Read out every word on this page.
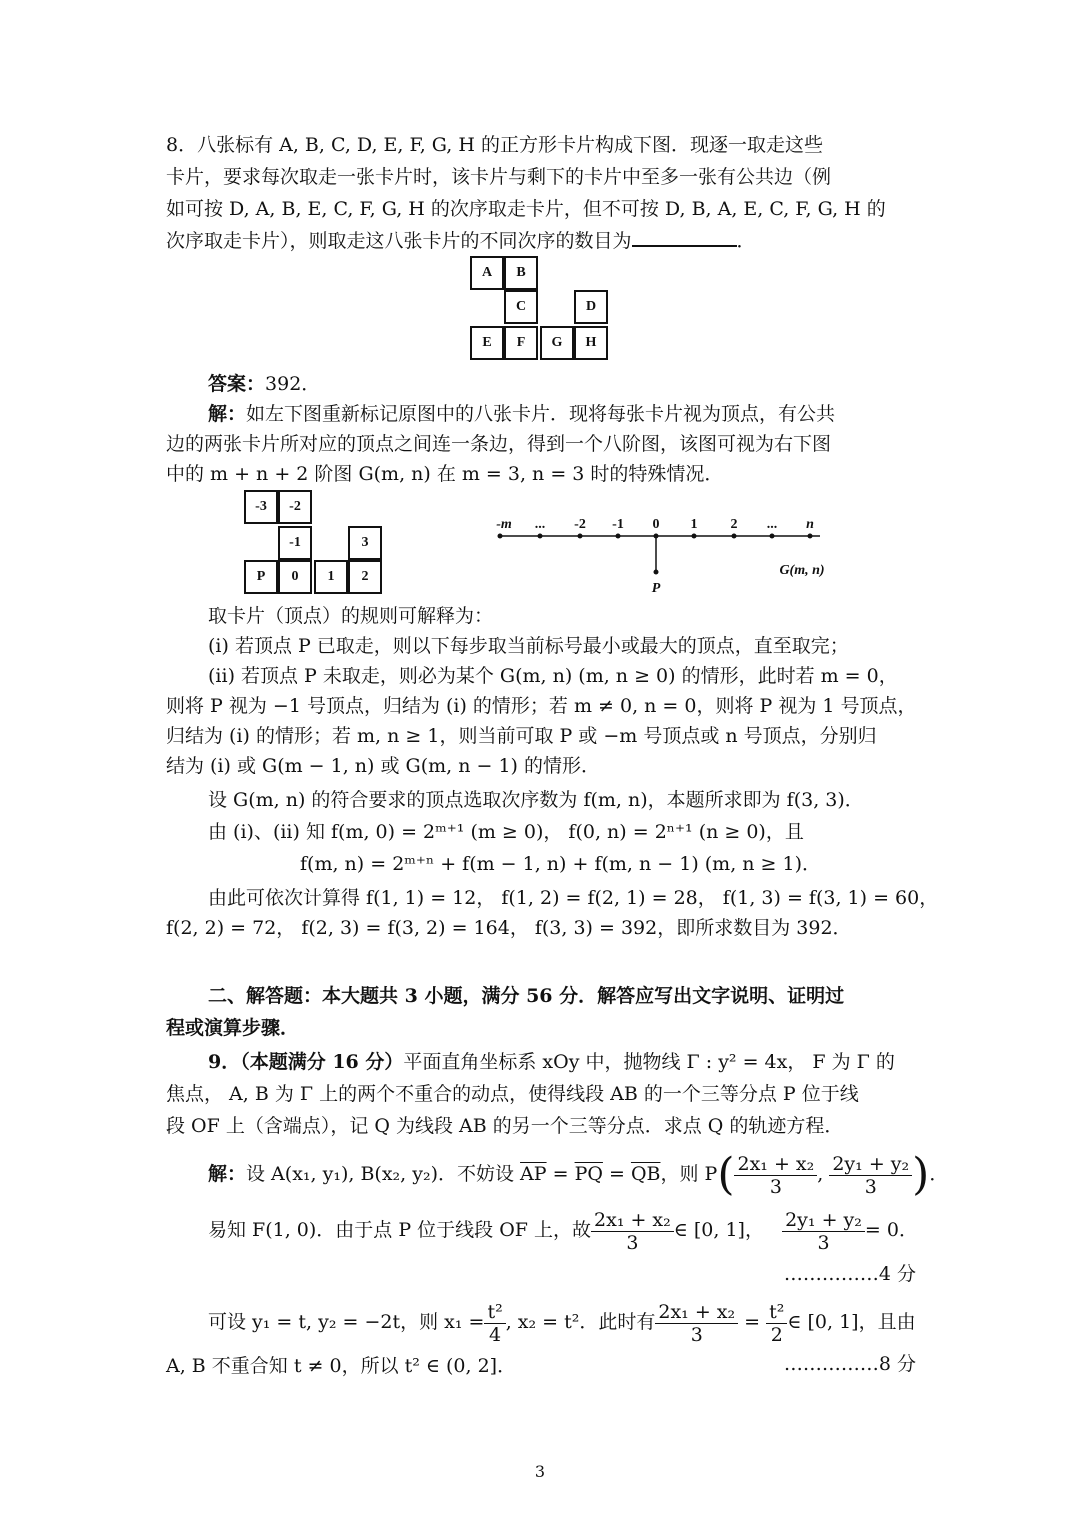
8．八张标有 A, B, C, D, E, F, G, H 的正方形卡片构成下图．现逐一取走这些
卡片，要求每次取走一张卡片时，该卡片与剩下的卡片中至多一张有公共边（例
如可按 D, A, B, E, C, F, G, H 的次序取走卡片，但不可按 D, B, A, E, C, F, G, H 的
次序取走卡片），则取走这八张卡片的不同次序的数目为	．
A	B
C	D
E	F	G	H
答案：392．
解：如左下图重新标记原图中的八张卡片．现将每张卡片视为顶点，有公共
边的两张卡片所对应的顶点之间连一条边，得到一个八阶图，该图可视为右下图
中的 m + n + 2 阶图 G(m, n) 在 m = 3, n = 3 时的特殊情况．
-3	-2
-1	3
P	0	1	2
-m ... -2 -1 0 1 2 ... n
P
G(m, n)
取卡片（顶点）的规则可解释为：
(i) 若顶点 P 已取走，则以下每步取当前标号最小或最大的顶点，直至取完；
(ii) 若顶点 P 未取走，则必为某个 G(m, n) (m, n ≥ 0) 的情形，此时若 m = 0，
则将 P 视为 −1 号顶点，归结为 (i) 的情形；若 m ≠ 0, n = 0，则将 P 视为 1 号顶点，
归结为 (i) 的情形；若 m, n ≥ 1，则当前可取 P 或 −m 号顶点或 n 号顶点，分别归
结为 (i) 或 G(m − 1, n) 或 G(m, n − 1) 的情形．
设 G(m, n) 的符合要求的顶点选取次序数为 f(m, n)，本题所求即为 f(3, 3)．
由 (i)、(ii) 知 f(m, 0) = 2ᵐ⁺¹ (m ≥ 0)， f(0, n) = 2ⁿ⁺¹ (n ≥ 0)，且
f(m, n) = 2ᵐ⁺ⁿ + f(m − 1, n) + f(m, n − 1) (m, n ≥ 1)．
由此可依次计算得 f(1, 1) = 12， f(1, 2) = f(2, 1) = 28， f(1, 3) = f(3, 1) = 60，
f(2, 2) = 72， f(2, 3) = f(3, 2) = 164， f(3, 3) = 392，即所求数目为 392．
二、解答题：本大题共 3 小题，满分 56 分．解答应写出文字说明、证明过
程或演算步骤．
9．（本题满分 16 分）平面直角坐标系 xOy 中，抛物线 Γ : y² = 4x， F 为 Γ 的
焦点， A, B 为 Γ 上的两个不重合的动点，使得线段 AB 的一个三等分点 P 位于线
段 OF 上（含端点），记 Q 为线段 AB 的另一个三等分点．求点 Q 的轨迹方程．
解：设 A(x₁, y₁), B(x₂, y₂)．不妨设 $\overline{AP} = \overline{PQ} = \overline{QB}$，则 $P( \frac{\text{2x₁ + x₂}}{3}$ , $\frac{\text{2y₁ + y₂}}{3}$ )．
易知 F(1, 0)．由于点 P 位于线段 OF 上，故 $\frac{\text{2x₁ + x₂}}{3}$ ∈ [0, 1]， $\frac{\text{2y₁ + y₂}}{3} = 0$．
……………4 分
可设 y₁ = t, y₂ = −2t，则 $x_1 = \frac{\text{t²}}{4}$ , x₂ = t²．此时有 $\frac{\text{2x₁ + x₂}}{3} = \frac{\text{t²}}{2}$ ∈ [0, 1]，且由
A, B 不重合知 t ≠ 0，所以 t² ∈ (0, 2]．	……………8 分
3
